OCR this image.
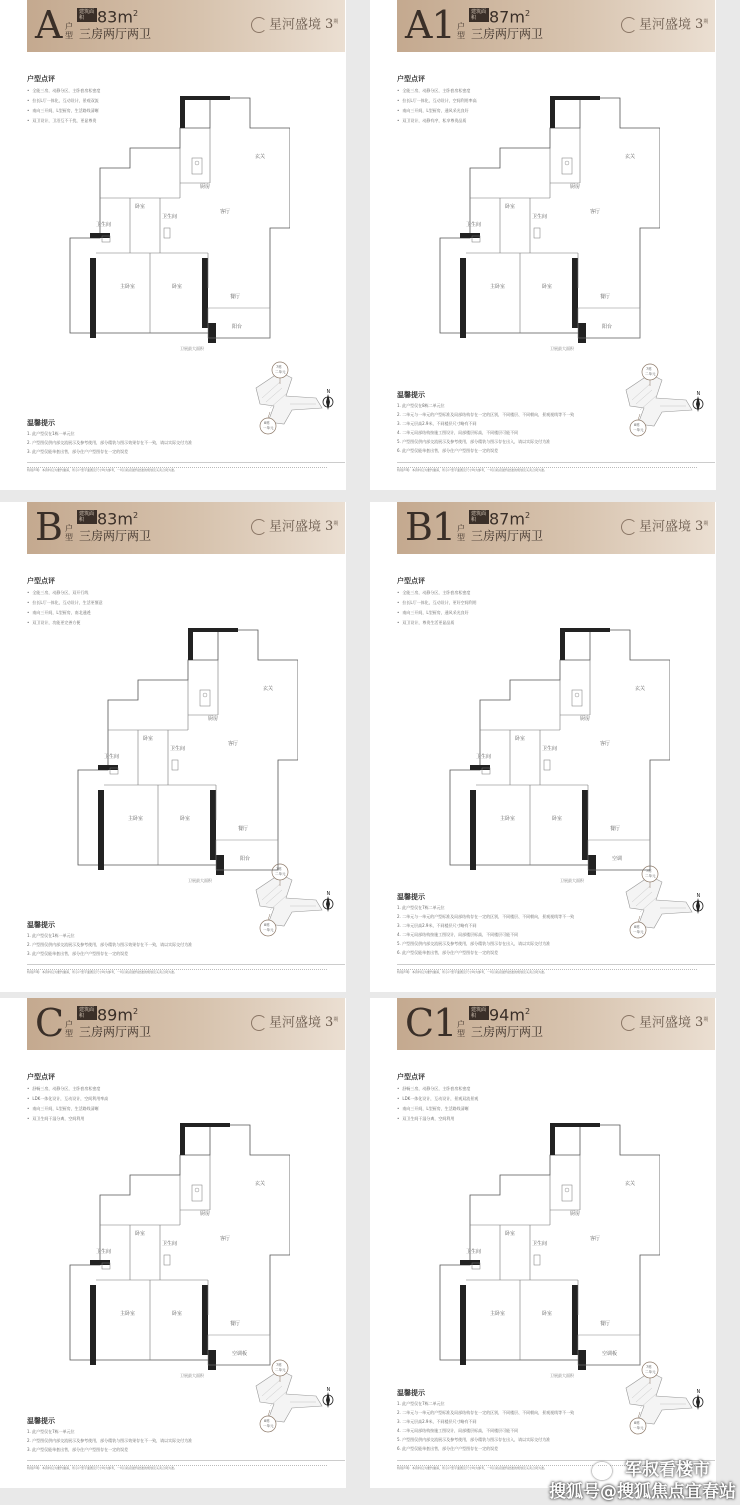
A 户型
建筑面积 $83m^2$
三房两厅两卫
星河盛境 $3^期$
户型点评
• 全能三房，动静分区，主卧套房私密度
• 拉长L厅一体化，互动设计，景观双流
• 南向三开间，L型厨房，生活路线清晰
• 双卫设计，卫浴互不干扰，更显尊贵
温馨提示
1. 此户型仅在1栋一单元位
2. 户型图仅供内部交流展示及参考使用，部分精装与图示效果存在不一致，请以实际交付为准
3. 此户型仅能单套出售，部分住户户型图存在一定的误差
特别声明：本资料仅为要约邀请，所示户型平面图及尺寸均为参考，一切以政府最终批准的规划及买卖合同为准。
7栋
二单元
8栋
一单元
N
A1 户型
建筑面积 $87m^2$
三房两厅两卫
星河盛境 $3^期$
户型点评
• 全能三房，动静分区，主卧套房私密度
• 拉长L厅一体化，互动设计，空间利用率高
• 南向三开间，L型厨房，通风采光良好
• 双卫设计，动静有序，私享尊贵品质
温馨提示
1. 此户型仅在8栋二单元位
2. 二单元与一单元的户型标准及局部结构存在一定的区别，不同楼层、不同朝向，景观视线等不一致
3. 二单元层高2.9米，不同楼层尺寸略有不同
4. 二单元局部结构按施工图设计，局部楼层标高，不同楼层可能不同
5. 户型图仅供内部交流展示及参考使用，部分精装与图示存在出入，请以实际交付为准
6. 此户型仅能单套出售，部分住户户型图存在一定的误差
特别声明：本资料仅为要约邀请，所示户型平面图及尺寸均为参考，一切以政府最终批准的规划及买卖合同为准。
7栋
二单元
8栋
一单元
N
B 户型
建筑面积 $83m^2$
三房两厅两卫
星河盛境 $3^期$
户型点评
• 全能三房，动静分区，双开行线
• 拉长L厅一体化，互动设计，生活更惬意
• 南向三开间，L型厨房，南北通透
• 双卫设计，功能更完善方便
温馨提示
1. 此户型仅在1栋一单元位
2. 户型图仅供内部交流展示及参考使用，部分精装与图示效果存在不一致，请以实际交付为准
3. 此户型仅能单套出售，部分住户户型图存在一定的误差
特别声明：本资料仅为要约邀请，所示户型平面图及尺寸均为参考，一切以政府最终批准的规划及买卖合同为准。
7栋
二单元
8栋
一单元
N
B1 户型
建筑面积 $87m^2$
三房两厅两卫
星河盛境 $3^期$
户型点评
• 全能三房，动静分区，主卧套房私密度
• 拉长L厅一体化，互动设计，更好空间利用
• 南向三开间，L型厨房，通风采光良好
• 双卫设计，尊贵生活更显品质
温馨提示
1. 此户型仅在7栋二单元位
2. 二单元与一单元的户型标准及局部结构存在一定的区别，不同楼层、不同朝向，景观视线等不一致
3. 二单元层高2.9米，不同楼层尺寸略有不同
4. 二单元局部结构按施工图设计，局部楼层标高，不同楼层可能不同
5. 户型图仅供内部交流展示及参考使用，部分精装与图示存在出入，请以实际交付为准
6. 此户型仅能单套出售，部分住户户型图存在一定的误差
特别声明：本资料仅为要约邀请，所示户型平面图及尺寸均为参考，一切以政府最终批准的规划及买卖合同为准。
7栋
二单元
8栋
一单元
N
C 户型
建筑面积 $89m^2$
三房两厅两卫
星河盛境 $3^期$
户型点评
• 舒畅三房，动静分区，主卧套房私密度
• LDK一体化设计，互动设计，空间利用率高
• 南向三开间，L型厨房，生活路线清晰
• 双卫生间干湿分离，空间利用
温馨提示
1. 此户型仅在7栋一单元位
2. 户型图仅供内部交流展示及参考使用，部分精装与图示效果存在不一致，请以实际交付为准
3. 此户型仅能单套出售，部分住户户型图存在一定的误差
特别声明：本资料仅为要约邀请，所示户型平面图及尺寸均为参考，一切以政府最终批准的规划及买卖合同为准。
7栋
二单元
8栋
一单元
N
C1 户型
建筑面积 $94m^2$
三房两厅两卫
星河盛境 $3^期$
户型点评
• 舒畅三房，动静分区，主卧套房私密度
• LDK一体化设计，互动设计，景观双流景观
• 南向三开间，L型厨房，生活路线清晰
• 双卫生间干湿分离，空间利用
温馨提示
1. 此户型仅在7栋二单元位
2. 二单元与一单元的户型标准及局部结构存在一定的区别，不同楼层、不同朝向，景观视线等不一致
3. 二单元层高2.9米，不同楼层尺寸略有不同
4. 二单元局部结构按施工图设计，局部楼层标高，不同楼层可能不同
5. 户型图仅供内部交流展示及参考使用，部分精装与图示存在出入，请以实际交付为准
6. 此户型仅能单套出售，部分住户户型图存在一定的误差
特别声明：本资料仅为要约邀请，所示户型平面图及尺寸均为参考，一切以政府最终批准的规划及买卖合同为准。
7栋
二单元
8栋
一单元
N
厨房
玄关
卧室
卫生间
卫生间
客厅
主卧室	卧室
餐厅
阳台
卫展最大面积
厨房
玄关
卧室
卫生间
卫生间
客厅
主卧室	卧室
餐厅
阳台
卫展最大面积
厨房
玄关
卧室
卫生间
卫生间
客厅
主卧室	卧室
餐厅
阳台
卫展最大面积
厨房
玄关
卧室
卫生间
卫生间
客厅
主卧室	卧室
餐厅
空调
卫展最大面积
厨房
玄关
卧室
卫生间
卫生间
客厅
主卧室	卧室
餐厅
空调板
卫展最大面积
厨房
玄关
卧室
卫生间
卫生间
客厅
主卧室	卧室
餐厅
空调板
卫展最大面积
军叔看楼市
搜狐号@搜狐焦点宜春站
